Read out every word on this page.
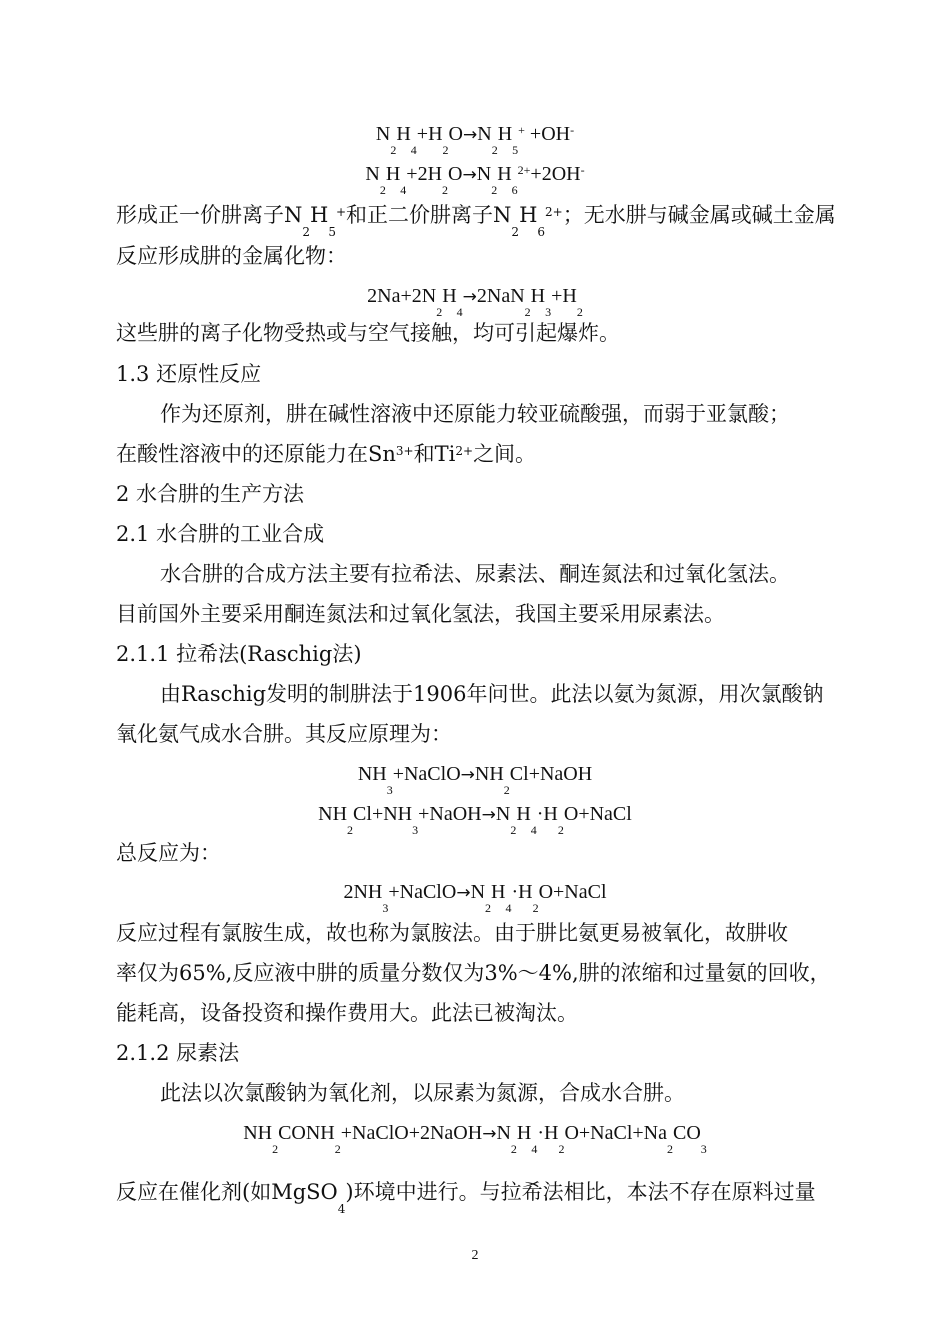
$N_2H_4+H_2O\to N_2H_5^+ +OH^-$
$N_2H_4+2H_2O\to N_2H_6^{2+}+2OH^-$
形成正一价肼离子$N_2H_5^+$和正二价肼离子$N_2H_6^{2+}$；无水肼与碱金属或碱土金属
反应形成肼的金属化物：
$2Na+2N_2H_4\to 2NaN_2H_3+H_2$
这些肼的离子化物受热或与空气接触，均可引起爆炸。
1.3 还原性反应
作为还原剂，肼在碱性溶液中还原能力较亚硫酸强，而弱于亚氯酸；
在酸性溶液中的还原能力在$Sn^{3+}$和$Ti^{2+}$之间。
2 水合肼的生产方法
2.1 水合肼的工业合成
水合肼的合成方法主要有拉希法、尿素法、酮连氮法和过氧化氢法。
目前国外主要采用酮连氮法和过氧化氢法，我国主要采用尿素法。
2.1.1 拉希法(Raschig法)
由Raschig发明的制肼法于1906年问世。此法以氨为氮源，用次氯酸钠
氧化氨气成水合肼。其反应原理为：
$NH_3+NaClO\to NH_2Cl+NaOH$
$NH_2Cl+NH_3+NaOH\to N_2H_4\cdot H_2O+NaCl$
总反应为：
$2NH_3+NaClO\to N_2H_4\cdot H_2O+NaCl$
反应过程有氯胺生成，故也称为氯胺法。由于肼比氨更易被氧化，故肼收
率仅为65%,反应液中肼的质量分数仅为3%～4%,肼的浓缩和过量氨的回收，
能耗高，设备投资和操作费用大。此法已被淘汰。
2.1.2 尿素法
此法以次氯酸钠为氧化剂，以尿素为氮源，合成水合肼。
$NH_2CONH_2+NaClO+2NaOH\to N_2H_4\cdot H_2O+NaCl+Na_2CO_3$
反应在催化剂(如MgSO$_4$)环境中进行。与拉希法相比，本法不存在原料过量
2
